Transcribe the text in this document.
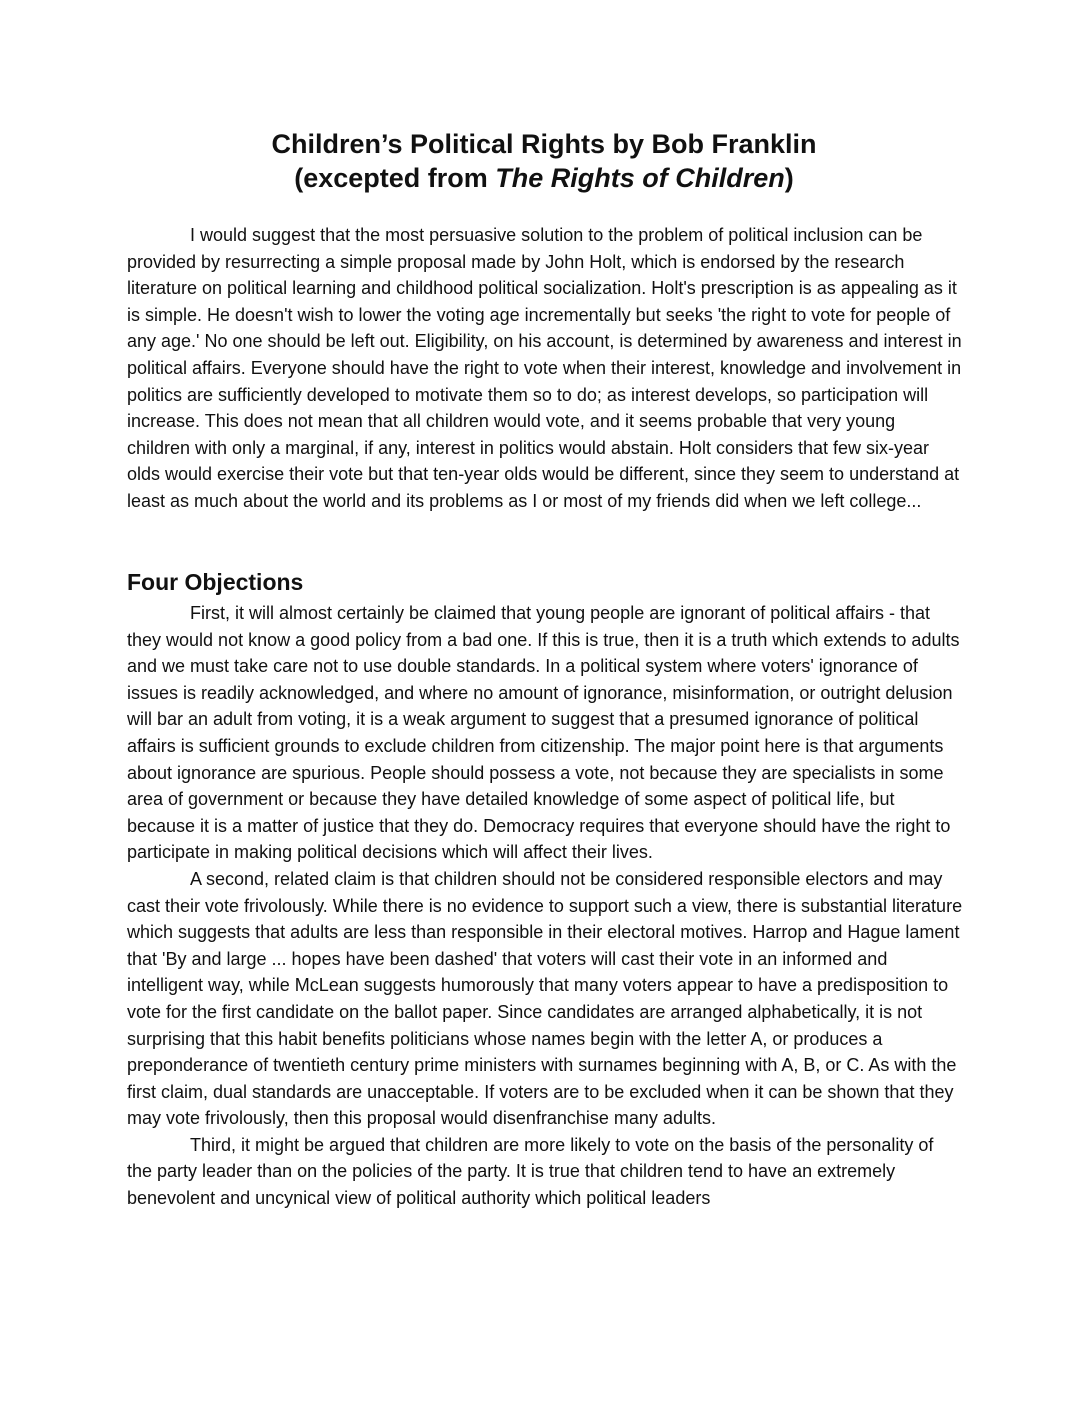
Children’s Political Rights by Bob Franklin
(excepted from The Rights of Children)

I would suggest that the most persuasive solution to the problem of political inclusion can be provided by resurrecting a simple proposal made by John Holt, which is endorsed by the research literature on political learning and childhood political socialization. Holt's prescription is as appealing as it is simple. He doesn't wish to lower the voting age incrementally but seeks 'the right to vote for people of any age.' No one should be left out. Eligibility, on his account, is determined by awareness and interest in political affairs. Everyone should have the right to vote when their interest, knowledge and involvement in politics are sufficiently developed to motivate them so to do; as interest develops, so participation will increase. This does not mean that all children would vote, and it seems probable that very young children with only a marginal, if any, interest in politics would abstain. Holt considers that few six-year olds would exercise their vote but that ten-year olds would be different, since they seem to understand at least as much about the world and its problems as I or most of my friends did when we left college...

Four Objections

First, it will almost certainly be claimed that young people are ignorant of political affairs - that they would not know a good policy from a bad one. If this is true, then it is a truth which extends to adults and we must take care not to use double standards. In a political system where voters' ignorance of issues is readily acknowledged, and where no amount of ignorance, misinformation, or outright delusion will bar an adult from voting, it is a weak argument to suggest that a presumed ignorance of political affairs is sufficient grounds to exclude children from citizenship. The major point here is that arguments about ignorance are spurious. People should possess a vote, not because they are specialists in some area of government or because they have detailed knowledge of some aspect of political life, but because it is a matter of justice that they do. Democracy requires that everyone should have the right to participate in making political decisions which will affect their lives.

A second, related claim is that children should not be considered responsible electors and may cast their vote frivolously. While there is no evidence to support such a view, there is substantial literature which suggests that adults are less than responsible in their electoral motives. Harrop and Hague lament that 'By and large ... hopes have been dashed' that voters will cast their vote in an informed and intelligent way, while McLean suggests humorously that many voters appear to have a predisposition to vote for the first candidate on the ballot paper. Since candidates are arranged alphabetically, it is not surprising that this habit benefits politicians whose names begin with the letter A, or produces a preponderance of twentieth century prime ministers with surnames beginning with A, B, or C. As with the first claim, dual standards are unacceptable. If voters are to be excluded when it can be shown that they may vote frivolously, then this proposal would disenfranchise many adults.

Third, it might be argued that children are more likely to vote on the basis of the personality of the party leader than on the policies of the party. It is true that children tend to have an extremely benevolent and uncynical view of political authority which political leaders
